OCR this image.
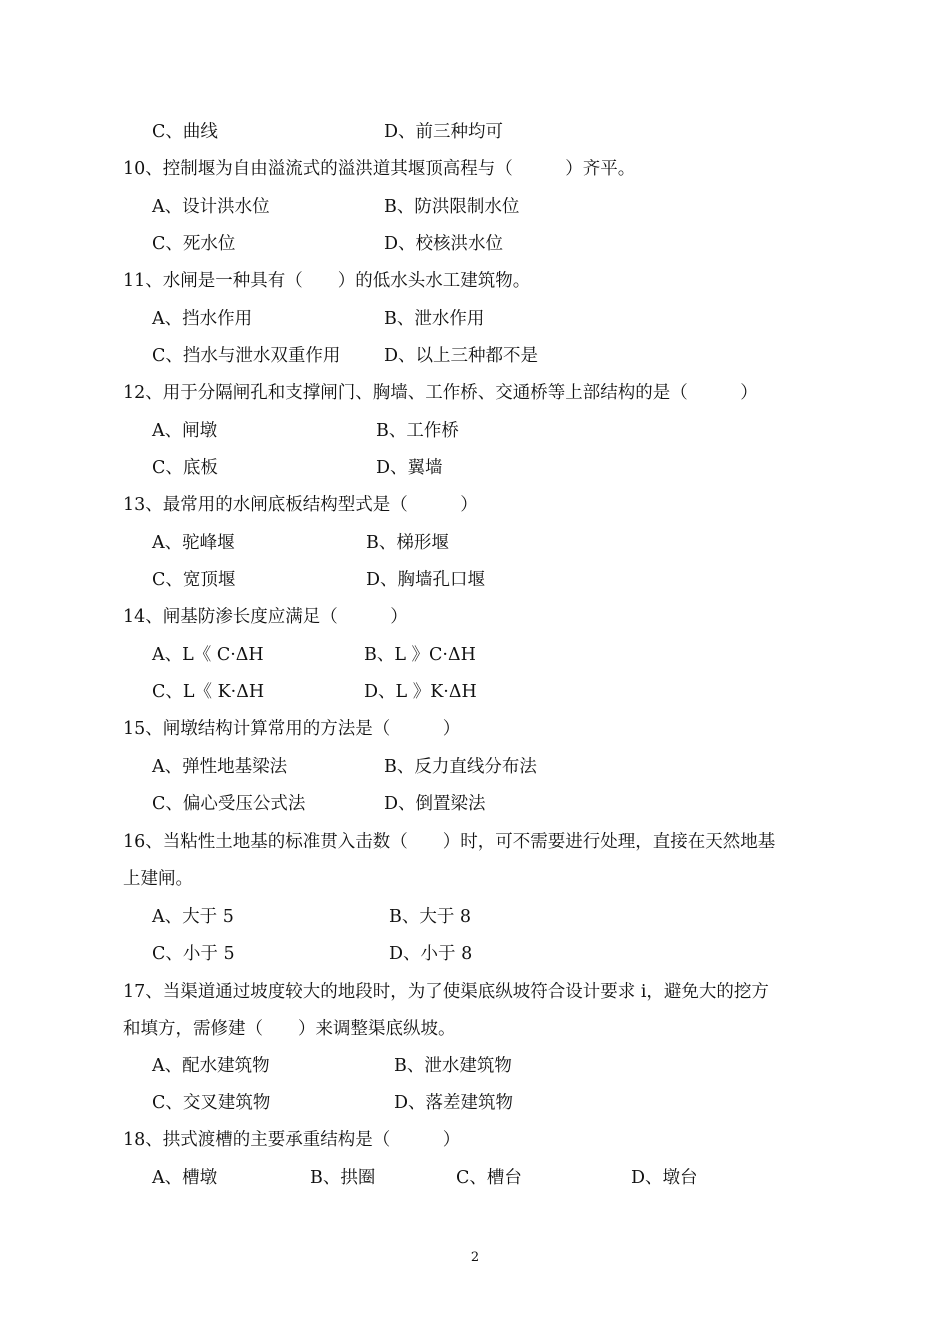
C、曲线	D、前三种均可
10、控制堰为自由溢流式的溢洪道其堰顶高程与（　　　）齐平。
A、设计洪水位	B、防洪限制水位
C、死水位	D、校核洪水位
11、水闸是一种具有（　　）的低水头水工建筑物。
A、挡水作用	B、泄水作用
C、挡水与泄水双重作用 D、以上三种都不是
12、用于分隔闸孔和支撑闸门、胸墙、工作桥、交通桥等上部结构的是（　　　）
A、闸墩	B、工作桥
C、底板	D、翼墙
13、最常用的水闸底板结构型式是（　　　）
A、驼峰堰	B、梯形堰
C、宽顶堰	D、胸墙孔口堰
14、闸基防渗长度应满足（　　　）
A、L《 C·ΔH	B、L 》C·ΔH
C、L《 K·ΔH	D、L 》K·ΔH
15、闸墩结构计算常用的方法是（　　　）
A、弹性地基梁法	B、反力直线分布法
C、偏心受压公式法	D、倒置梁法
16、当粘性土地基的标准贯入击数（　　）时，可不需要进行处理，直接在天然地基
上建闸。
A、大于 5	B、大于 8
C、小于 5	D、小于 8
17、当渠道通过坡度较大的地段时，为了使渠底纵坡符合设计要求 i，避免大的挖方
和填方，需修建（　　）来调整渠底纵坡。
A、配水建筑物	B、泄水建筑物
C、交叉建筑物	D、落差建筑物
18、拱式渡槽的主要承重结构是（　　　）
A、槽墩	B、拱圈	C、槽台	D、墩台
2
